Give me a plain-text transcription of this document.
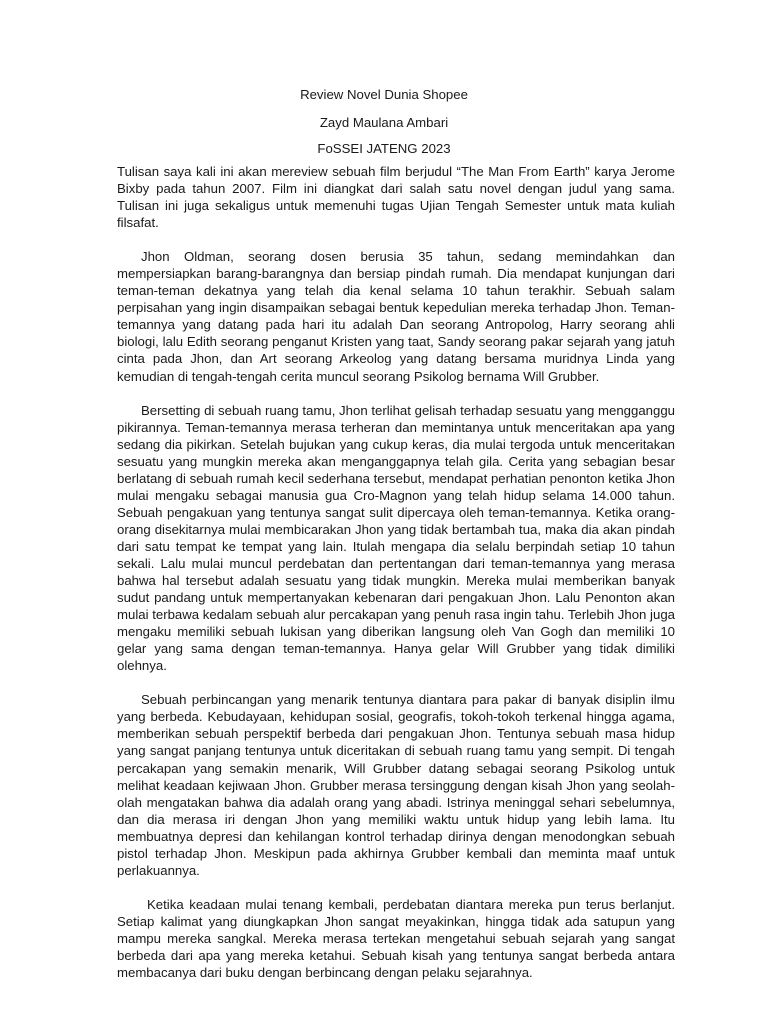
Review Novel Dunia Shopee
Zayd Maulana Ambari
FoSSEI JATENG 2023

Tulisan saya kali ini akan mereview sebuah film berjudul “The Man From Earth” karya Jerome Bixby pada tahun 2007. Film ini diangkat dari salah satu novel dengan judul yang sama. Tulisan ini juga sekaligus untuk memenuhi tugas Ujian Tengah Semester untuk mata kuliah filsafat.

Jhon Oldman, seorang dosen berusia 35 tahun, sedang memindahkan dan mempersiapkan barang-barangnya dan bersiap pindah rumah. Dia mendapat kunjungan dari teman-teman dekatnya yang telah dia kenal selama 10 tahun terakhir. Sebuah salam perpisahan yang ingin disampaikan sebagai bentuk kepedulian mereka terhadap Jhon. Teman-temannya yang datang pada hari itu adalah Dan seorang Antropolog, Harry seorang ahli biologi, lalu Edith seorang penganut Kristen yang taat, Sandy seorang pakar sejarah yang jatuh cinta pada Jhon, dan Art seorang Arkeolog yang datang bersama muridnya Linda yang kemudian di tengah-tengah cerita muncul seorang Psikolog bernama Will Grubber.

Bersetting di sebuah ruang tamu, Jhon terlihat gelisah terhadap sesuatu yang mengganggu pikirannya. Teman-temannya merasa terheran dan memintanya untuk menceritakan apa yang sedang dia pikirkan. Setelah bujukan yang cukup keras, dia mulai tergoda untuk menceritakan sesuatu yang mungkin mereka akan menganggapnya telah gila. Cerita yang sebagian besar berlatang di sebuah rumah kecil sederhana tersebut, mendapat perhatian penonton ketika Jhon mulai mengaku sebagai manusia gua Cro-Magnon yang telah hidup selama 14.000 tahun. Sebuah pengakuan yang tentunya sangat sulit dipercaya oleh teman-temannya. Ketika orang-orang disekitarnya mulai membicarakan Jhon yang tidak bertambah tua, maka dia akan pindah dari satu tempat ke tempat yang lain. Itulah mengapa dia selalu berpindah setiap 10 tahun sekali. Lalu mulai muncul perdebatan dan pertentangan dari teman-temannya yang merasa bahwa hal tersebut adalah sesuatu yang tidak mungkin. Mereka mulai memberikan banyak sudut pandang untuk mempertanyakan kebenaran dari pengakuan Jhon. Lalu Penonton akan mulai terbawa kedalam sebuah alur percakapan yang penuh rasa ingin tahu. Terlebih Jhon juga mengaku memiliki sebuah lukisan yang diberikan langsung oleh Van Gogh dan memiliki 10 gelar yang sama dengan teman-temannya. Hanya gelar Will Grubber yang tidak dimiliki olehnya.

Sebuah perbincangan yang menarik tentunya diantara para pakar di banyak disiplin ilmu yang berbeda. Kebudayaan, kehidupan sosial, geografis, tokoh-tokoh terkenal hingga agama, memberikan sebuah perspektif berbeda dari pengakuan Jhon. Tentunya sebuah masa hidup yang sangat panjang tentunya untuk diceritakan di sebuah ruang tamu yang sempit. Di tengah percakapan yang semakin menarik, Will Grubber datang sebagai seorang Psikolog untuk melihat keadaan kejiwaan Jhon. Grubber merasa tersinggung dengan kisah Jhon yang seolah-olah mengatakan bahwa dia adalah orang yang abadi. Istrinya meninggal sehari sebelumnya, dan dia merasa iri dengan Jhon yang memiliki waktu untuk hidup yang lebih lama. Itu membuatnya depresi dan kehilangan kontrol terhadap dirinya dengan menodongkan sebuah pistol terhadap Jhon. Meskipun pada akhirnya Grubber kembali dan meminta maaf untuk perlakuannya.

Ketika keadaan mulai tenang kembali, perdebatan diantara mereka pun terus berlanjut. Setiap kalimat yang diungkapkan Jhon sangat meyakinkan, hingga tidak ada satupun yang mampu mereka sangkal. Mereka merasa tertekan mengetahui sebuah sejarah yang sangat berbeda dari apa yang mereka ketahui. Sebuah kisah yang tentunya sangat berbeda antara membacanya dari buku dengan berbincang dengan pelaku sejarahnya.
